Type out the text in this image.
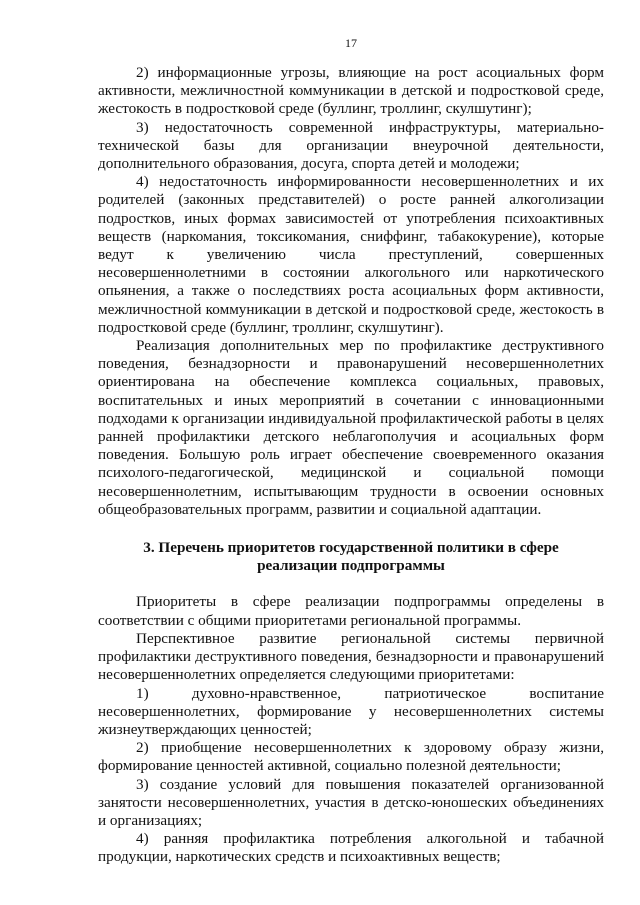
17

2) информационные угрозы, влияющие на рост асоциальных форм активности, межличностной коммуникации в детской и подростковой среде, жестокость в подростковой среде (буллинг, троллинг, скулшутинг);

3) недостаточность современной инфраструктуры, материально-технической базы для организации внеурочной деятельности, дополнительного образования, досуга, спорта детей и молодежи;

4) недостаточность информированности несовершеннолетних и их родителей (законных представителей) о росте ранней алкоголизации подростков, иных формах зависимостей от употребления психоактивных веществ (наркомания, токсикомания, сниффинг, табакокурение), которые ведут к увеличению числа преступлений, совершенных несовершеннолетними в состоянии алкогольного или наркотического опьянения, а также о последствиях роста асоциальных форм активности, межличностной коммуникации в детской и подростковой среде, жестокость в подростковой среде (буллинг, троллинг, скулшутинг).

Реализация дополнительных мер по профилактике деструктивного поведения, безнадзорности и правонарушений несовершеннолетних ориентирована на обеспечение комплекса социальных, правовых, воспитательных и иных мероприятий в сочетании с инновационными подходами к организации индивидуальной профилактической работы в целях ранней профилактики детского неблагополучия и асоциальных форм поведения. Большую роль играет обеспечение своевременного оказания психолого-педагогической, медицинской и социальной помощи несовершеннолетним, испытывающим трудности в освоении основных общеобразовательных программ, развитии и социальной адаптации.

3. Перечень приоритетов государственной политики в сфере
реализации подпрограммы

Приоритеты в сфере реализации подпрограммы определены в соответствии с общими приоритетами региональной программы.

Перспективное развитие региональной системы первичной профилактики деструктивного поведения, безнадзорности и правонарушений несовершеннолетних определяется следующими приоритетами:

1) духовно-нравственное, патриотическое воспитание несовершеннолетних, формирование у несовершеннолетних системы жизнеутверждающих ценностей;

2) приобщение несовершеннолетних к здоровому образу жизни, формирование ценностей активной, социально полезной деятельности;

3) создание условий для повышения показателей организованной занятости несовершеннолетних, участия в детско-юношеских объединениях и организациях;

4) ранняя профилактика потребления алкогольной и табачной продукции, наркотических средств и психоактивных веществ;
